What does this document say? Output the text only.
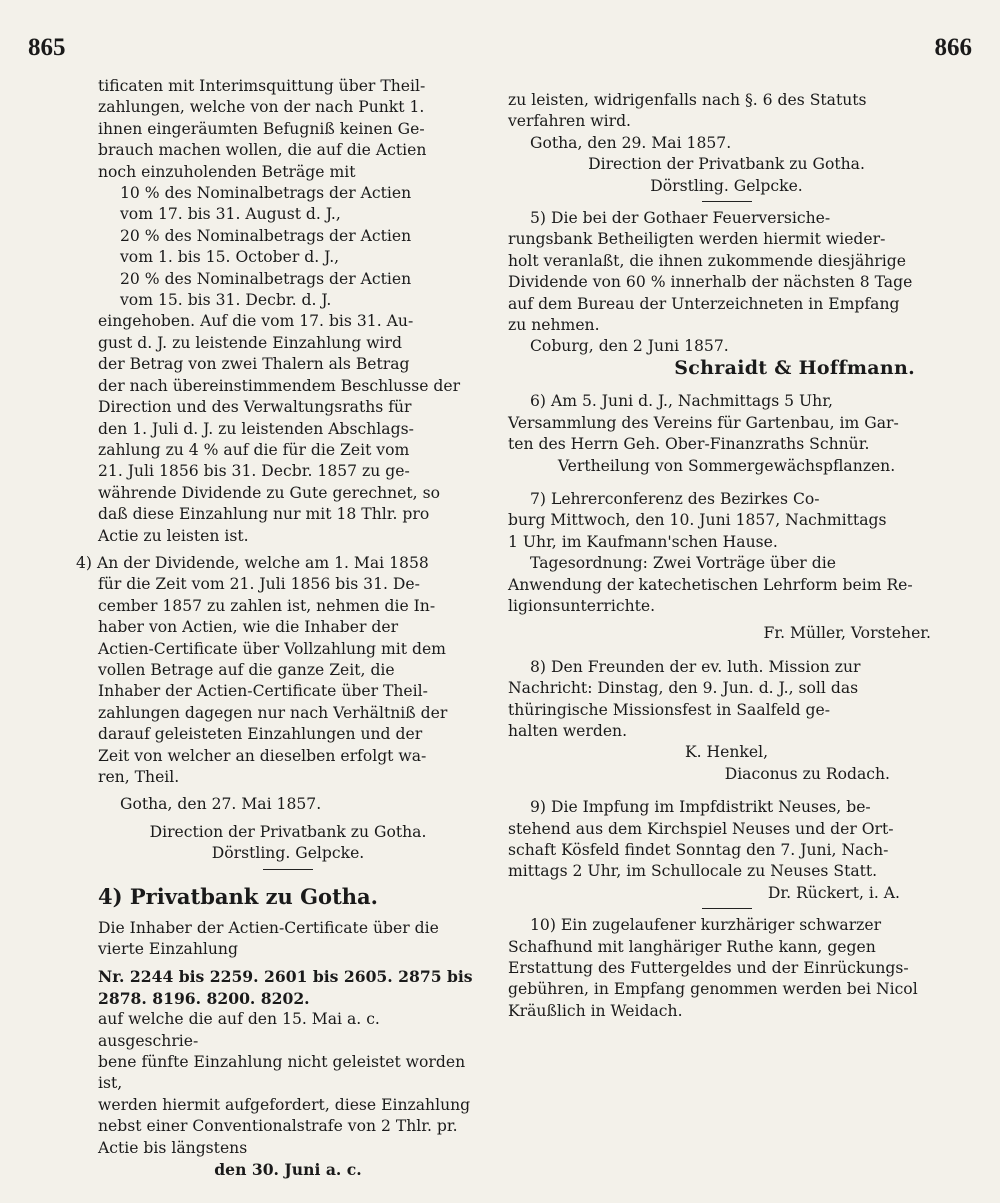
865	866

tificaten mit Interimsquittung über Theil-

zahlungen, welche von der nach Punkt 1.

ihnen eingeräumten Befugniß keinen Ge-

brauch machen wollen, die auf die Actien

noch einzuholenden Beträge mit

10 % des Nominalbetrags der Actien

vom 17. bis 31. August d. J.,

20 % des Nominalbetrags der Actien

vom 1. bis 15. October d. J.,

20 % des Nominalbetrags der Actien

vom 15. bis 31. Decbr. d. J.

eingehoben. Auf die vom 17. bis 31. Au-

gust d. J. zu leistende Einzahlung wird

der Betrag von zwei Thalern als Betrag

der nach übereinstimmendem Beschlusse der

Direction und des Verwaltungsraths für

den 1. Juli d. J. zu leistenden Abschlags-

zahlung zu 4 % auf die für die Zeit vom

21. Juli 1856 bis 31. Decbr. 1857 zu ge-

währende Dividende zu Gute gerechnet, so

daß diese Einzahlung nur mit 18 Thlr. pro

Actie zu leisten ist.

4) An der Dividende, welche am 1. Mai 1858

für die Zeit vom 21. Juli 1856 bis 31. De-

cember 1857 zu zahlen ist, nehmen die In-

haber von Actien, wie die Inhaber der

Actien-Certificate über Vollzahlung mit dem

vollen Betrage auf die ganze Zeit, die

Inhaber der Actien-Certificate über Theil-

zahlungen dagegen nur nach Verhältniß der

darauf geleisteten Einzahlungen und der

Zeit von welcher an dieselben erfolgt wa-

ren, Theil.

Gotha, den 27. Mai 1857.

Direction der Privatbank zu Gotha.

Dörstling. Gelpcke.

4) Privatbank zu Gotha.

Die Inhaber der Actien-Certificate über die

vierte Einzahlung

Nr. 2244 bis 2259. 2601 bis 2605. 2875 bis

2878. 8196. 8200. 8202.

auf welche die auf den 15. Mai a. c. ausgeschrie-

bene fünfte Einzahlung nicht geleistet worden ist,

werden hiermit aufgefordert, diese Einzahlung

nebst einer Conventionalstrafe von 2 Thlr. pr.

Actie bis längstens

den 30. Juni a. c.

zu leisten, widrigenfalls nach §. 6 des Statuts

verfahren wird.

Gotha, den 29. Mai 1857.

Direction der Privatbank zu Gotha.

Dörstling. Gelpcke.

5) Die bei der Gothaer Feuerversiche-

rungsbank Betheiligten werden hiermit wieder-

holt veranlaßt, die ihnen zukommende diesjährige

Dividende von 60 % innerhalb der nächsten 8 Tage

auf dem Bureau der Unterzeichneten in Empfang

zu nehmen.

Coburg, den 2 Juni 1857.

Schraidt & Hoffmann.

6) Am 5. Juni d. J., Nachmittags 5 Uhr,

Versammlung des Vereins für Gartenbau, im Gar-

ten des Herrn Geh. Ober-Finanzraths Schnür.

Vertheilung von Sommergewächspflanzen.

7) Lehrerconferenz des Bezirkes Co-

burg Mittwoch, den 10. Juni 1857, Nachmittags

1 Uhr, im Kaufmann'schen Hause.

Tagesordnung: Zwei Vorträge über die

Anwendung der katechetischen Lehrform beim Re-

ligionsunterrichte.

Fr. Müller, Vorsteher.

8) Den Freunden der ev. luth. Mission zur

Nachricht: Dinstag, den 9. Jun. d. J., soll das

thüringische Missionsfest in Saalfeld ge-

halten werden.

K. Henkel,

Diaconus zu Rodach.

9) Die Impfung im Impfdistrikt Neuses, be-

stehend aus dem Kirchspiel Neuses und der Ort-

schaft Kösfeld findet Sonntag den 7. Juni, Nach-

mittags 2 Uhr, im Schullocale zu Neuses Statt.

Dr. Rückert, i. A.

10) Ein zugelaufener kurzhäriger schwarzer

Schafhund mit langhäriger Ruthe kann, gegen

Erstattung des Futtergeldes und der Einrückungs-

gebühren, in Empfang genommen werden bei Nicol

Kräußlich in Weidach.
